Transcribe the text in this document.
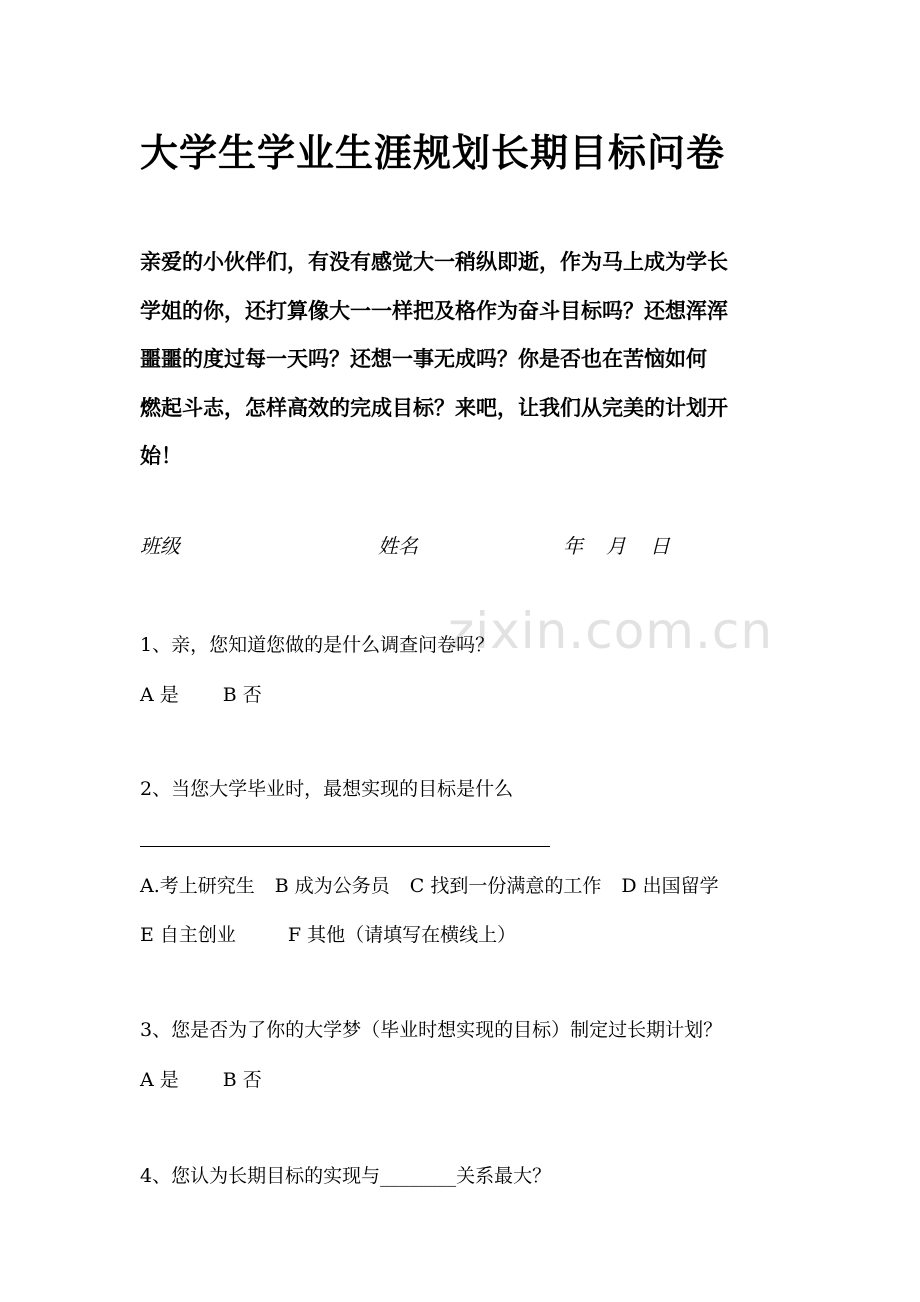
大学生学业生涯规划长期目标问卷
亲爱的小伙伴们，有没有感觉大一稍纵即逝，作为马上成为学长
学姐的你，还打算像大一一样把及格作为奋斗目标吗？还想浑浑
噩噩的度过每一天吗？还想一事无成吗？你是否也在苦恼如何
燃起斗志，怎样高效的完成目标？来吧，让我们从完美的计划开
始！
班级	姓名	年 月 日
zixin.com.cn
1、亲，您知道您做的是什么调查问卷吗？
A 是 B 否
2、当您大学毕业时，最想实现的目标是什么
A.考上研究生 B 成为公务员 C 找到一份满意的工作 D 出国留学
E 自主创业	F 其他（请填写在横线上）
3、您是否为了你的大学梦（毕业时想实现的目标）制定过长期计划？
A 是 B 否
4、您认为长期目标的实现与________关系最大？
